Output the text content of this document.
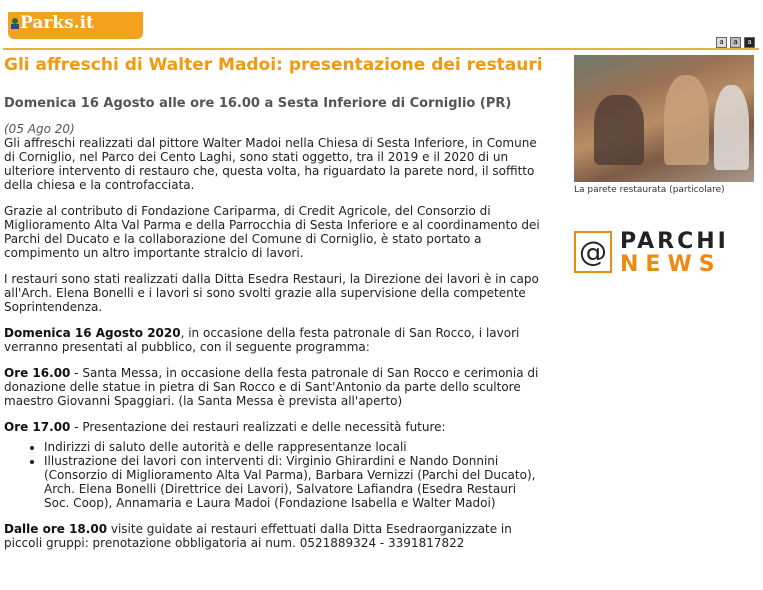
Parks.it
a	a	a
Gli affreschi di Walter Madoi: presentazione dei restauri
Domenica 16 Agosto alle ore 16.00 a Sesta Inferiore di Corniglio (PR)
(05 Ago 20)

Gli affreschi realizzati dal pittore Walter Madoi nella Chiesa di Sesta Inferiore, in Comune di Corniglio, nel Parco dei Cento Laghi, sono stati oggetto, tra il 2019 e il 2020 di un ulteriore intervento di restauro che, questa volta, ha riguardato la parete nord, il soffitto della chiesa e la controfacciata.

Grazie al contributo di Fondazione Cariparma, di Credit Agricole, del Consorzio di Miglioramento Alta Val Parma e della Parrocchia di Sesta Inferiore e al coordinamento dei Parchi del Ducato e la collaborazione del Comune di Corniglio, è stato portato a compimento un altro importante stralcio di lavori.

I restauri sono stati realizzati dalla Ditta Esedra Restauri, la Direzione dei lavori è in capo all'Arch. Elena Bonelli e i lavori si sono svolti grazie alla supervisione della competente Soprintendenza.

Domenica 16 Agosto 2020, in occasione della festa patronale di San Rocco, i lavori verranno presentati al pubblico, con il seguente programma:

Ore 16.00 - Santa Messa, in occasione della festa patronale di San Rocco e cerimonia di donazione delle statue in pietra di San Rocco e di Sant'Antonio da parte dello scultore maestro Giovanni Spaggiari. (la Santa Messa è prevista all'aperto)

Ore 17.00 - Presentazione dei restauri realizzati e delle necessità future:

• Indirizzi di saluto delle autorità e delle rappresentanze locali
• Illustrazione dei lavori con interventi di: Virginio Ghirardini e Nando Donnini (Consorzio di Miglioramento Alta Val Parma), Barbara Vernizzi (Parchi del Ducato), Arch. Elena Bonelli (Direttrice dei Lavori), Salvatore Lafiandra (Esedra Restauri Soc. Coop), Annamaria e Laura Madoi (Fondazione Isabella e Walter Madoi)

Dalle ore 18.00 visite guidate ai restauri effettuati dalla Ditta Esedraorganizzate in piccoli gruppi: prenotazione obbligatoria ai num. 0521889324 - 3391817822

La parete restaurata (particolare)
@ PARCHI
NEWS
